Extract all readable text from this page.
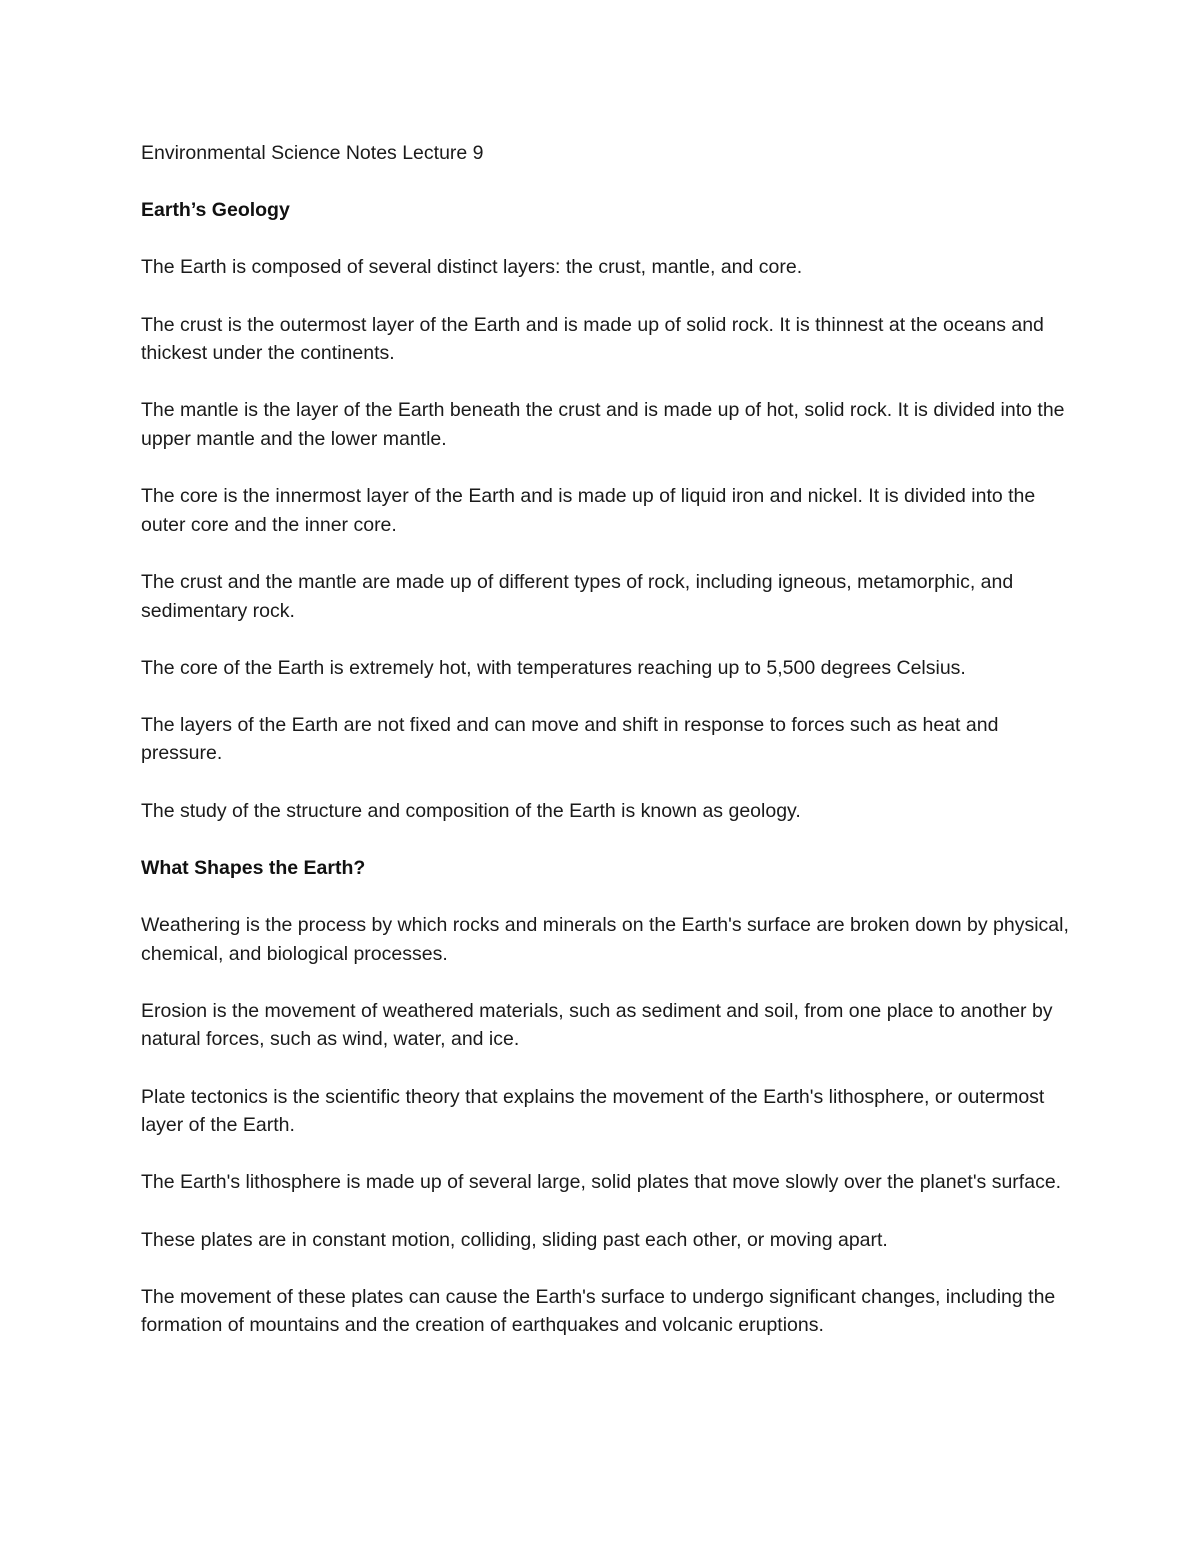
Environmental Science Notes Lecture 9

Earth’s Geology

The Earth is composed of several distinct layers: the crust, mantle, and core.

The crust is the outermost layer of the Earth and is made up of solid rock. It is thinnest at the oceans and thickest under the continents.

The mantle is the layer of the Earth beneath the crust and is made up of hot, solid rock. It is divided into the upper mantle and the lower mantle.

The core is the innermost layer of the Earth and is made up of liquid iron and nickel. It is divided into the outer core and the inner core.

The crust and the mantle are made up of different types of rock, including igneous, metamorphic, and sedimentary rock.

The core of the Earth is extremely hot, with temperatures reaching up to 5,500 degrees Celsius.

The layers of the Earth are not fixed and can move and shift in response to forces such as heat and pressure.

The study of the structure and composition of the Earth is known as geology.

What Shapes the Earth?

Weathering is the process by which rocks and minerals on the Earth's surface are broken down by physical, chemical, and biological processes.

Erosion is the movement of weathered materials, such as sediment and soil, from one place to another by natural forces, such as wind, water, and ice.

Plate tectonics is the scientific theory that explains the movement of the Earth's lithosphere, or outermost layer of the Earth.

The Earth's lithosphere is made up of several large, solid plates that move slowly over the planet's surface.

These plates are in constant motion, colliding, sliding past each other, or moving apart.

The movement of these plates can cause the Earth's surface to undergo significant changes, including the formation of mountains and the creation of earthquakes and volcanic eruptions.
